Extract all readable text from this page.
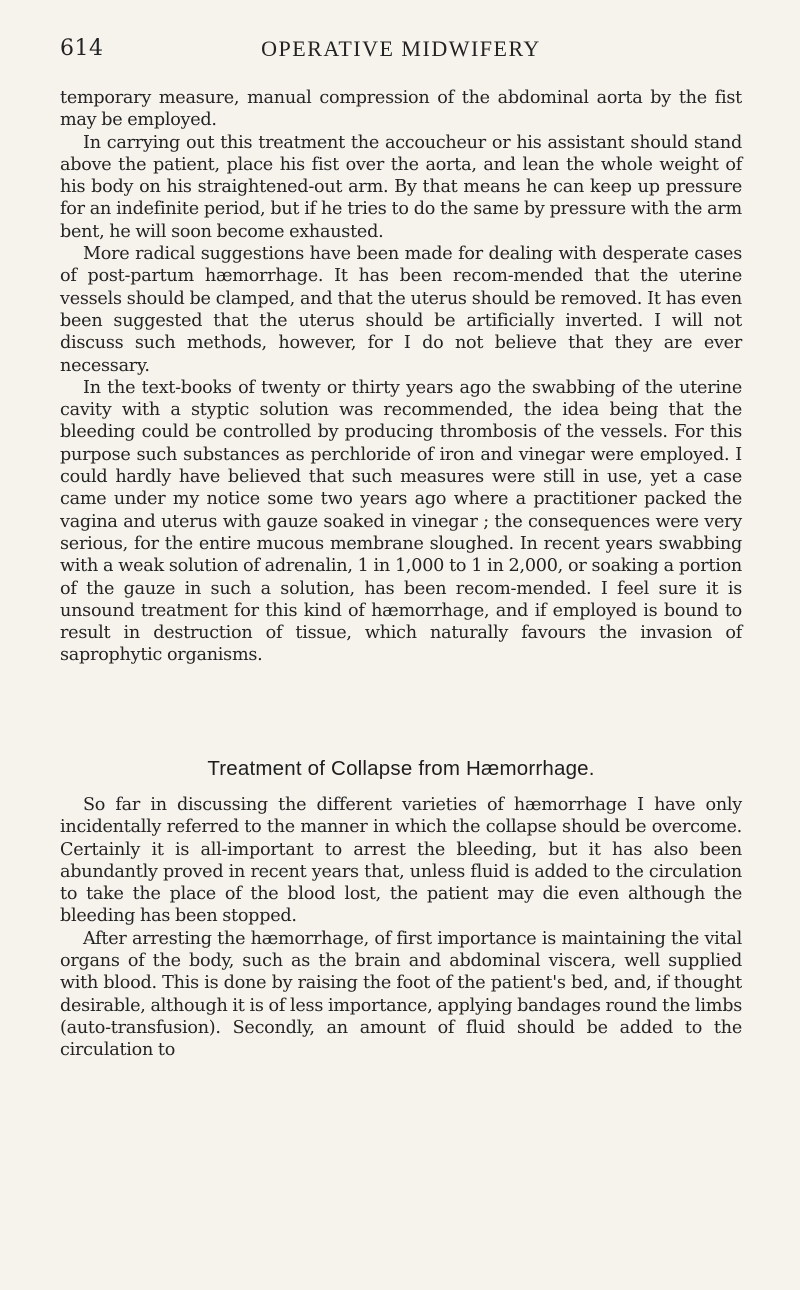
614	OPERATIVE MIDWIFERY

temporary measure, manual compression of the abdominal aorta by the fist may be employed.

In carrying out this treatment the accoucheur or his assistant should stand above the patient, place his fist over the aorta, and lean the whole weight of his body on his straightened-out arm. By that means he can keep up pressure for an indefinite period, but if he tries to do the same by pressure with the arm bent, he will soon become exhausted.

More radical suggestions have been made for dealing with desperate cases of post-partum hæmorrhage. It has been recom-mended that the uterine vessels should be clamped, and that the uterus should be removed. It has even been suggested that the uterus should be artificially inverted. I will not discuss such methods, however, for I do not believe that they are ever necessary.

In the text-books of twenty or thirty years ago the swabbing of the uterine cavity with a styptic solution was recommended, the idea being that the bleeding could be controlled by producing thrombosis of the vessels. For this purpose such substances as perchloride of iron and vinegar were employed. I could hardly have believed that such measures were still in use, yet a case came under my notice some two years ago where a practitioner packed the vagina and uterus with gauze soaked in vinegar ; the consequences were very serious, for the entire mucous membrane sloughed. In recent years swabbing with a weak solution of adrenalin, 1 in 1,000 to 1 in 2,000, or soaking a portion of the gauze in such a solution, has been recom-mended. I feel sure it is unsound treatment for this kind of hæmorrhage, and if employed is bound to result in destruction of tissue, which naturally favours the invasion of saprophytic organisms.

Treatment of Collapse from Hæmorrhage.

So far in discussing the different varieties of hæmorrhage I have only incidentally referred to the manner in which the collapse should be overcome. Certainly it is all-important to arrest the bleeding, but it has also been abundantly proved in recent years that, unless fluid is added to the circulation to take the place of the blood lost, the patient may die even although the bleeding has been stopped.

After arresting the hæmorrhage, of first importance is maintaining the vital organs of the body, such as the brain and abdominal viscera, well supplied with blood. This is done by raising the foot of the patient's bed, and, if thought desirable, although it is of less importance, applying bandages round the limbs (auto-transfusion). Secondly, an amount of fluid should be added to the circulation to
